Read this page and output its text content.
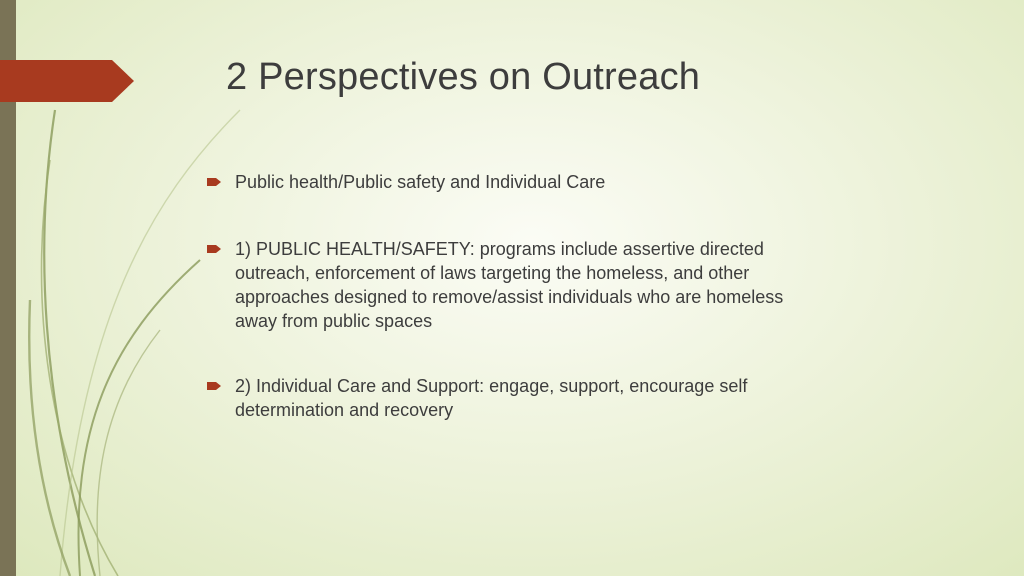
2 Perspectives on Outreach
Public health/Public safety and Individual Care
1) PUBLIC HEALTH/SAFETY: programs include assertive directed outreach, enforcement of laws targeting the homeless, and other approaches designed to remove/assist individuals who are homeless away from public spaces
2) Individual Care and Support: engage, support, encourage self determination and recovery
